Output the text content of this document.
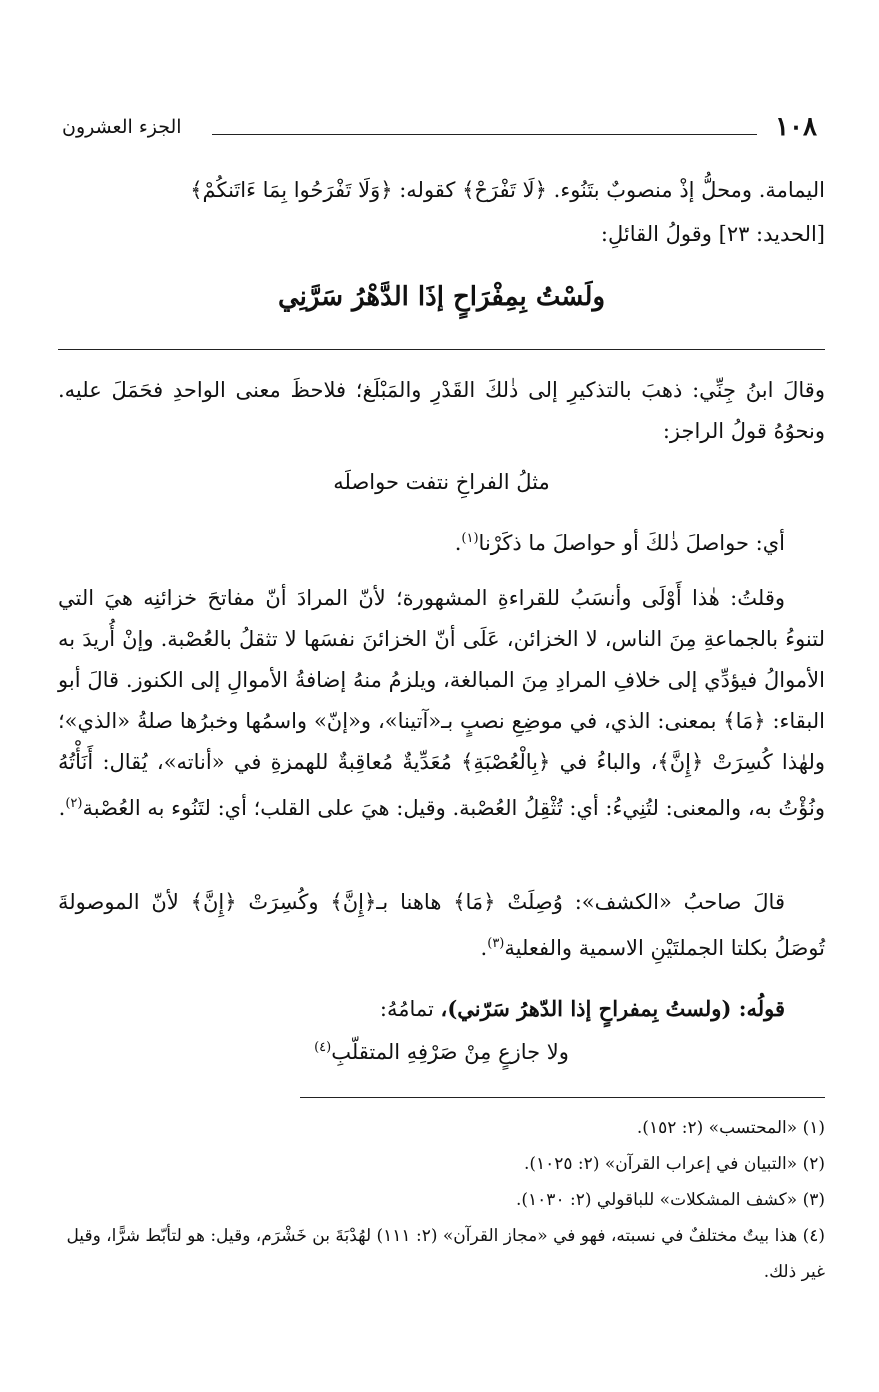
١٠٨
الجزء العشرون

اليمامة. ومحلُّ إذْ منصوبٌ بتَنُوء. ﴿لَا تَفْرَحْ﴾ كقوله: ﴿وَلَا تَفْرَحُوا بِمَا ءَاتَنكُمْ﴾

[الحديد: ٢٣] وقولُ القائلِ:

ولَسْتُ بِمِفْرَاحٍ إذَا الدَّهْرُ سَرَّنِي

وقالَ ابنُ جِنِّي: ذهبَ بالتذكيرِ إلى ذٰلكَ القَدْرِ والمَبْلَغ؛ فلاحظَ معنى الواحدِ فحَمَلَ عليه. ونحوُهُ قولُ الراجز:

مثلُ الفراخِ نتفت حواصلَه

أي: حواصلَ ذٰلكَ أو حواصلَ ما ذكَرْنا$^{(١)}$.

وقلتُ: هٰذا أَوْلَى وأنسَبُ للقراءةِ المشهورة؛ لأنّ المرادَ أنّ مفاتحَ خزائنِه هيَ التي لتنوءُ بالجماعةِ مِنَ الناس، لا الخزائن، عَلَى أنّ الخزائنَ نفسَها لا تثقلُ بالعُصْبة. وإنْ أُريدَ به الأموالُ فيؤدِّي إلى خلافِ المرادِ مِنَ المبالغة، ويلزمُ منهُ إضافةُ الأموالِ إلى الكنوز. قالَ أبو البقاء: ﴿مَا﴾ بمعنى: الذي، في موضِعِ نصبٍ بـ«آتينا»، و«إنّ» واسمُها وخبرُها صلةُ «الذي»؛ ولهٰذا كُسِرَتْ ﴿إِنَّ﴾، والباءُ في ﴿بِالْعُصْبَةِ﴾ مُعَدِّيةٌ مُعاقِبةٌ للهمزةِ في «أناته»، يُقال: أَنَأْتُهُ ونُؤْتُ به، والمعنى: لتُنِيءُ: أي: تُثْقِلُ العُصْبة. وقيل: هيَ على القلب؛ أي: لتَنُوء به العُصْبة$^{(٢)}$.

قالَ صاحبُ «الكشف»: وُصِلَتْ ﴿مَا﴾ هاهنا بـ﴿إِنَّ﴾ وكُسِرَتْ ﴿إِنَّ﴾ لأنّ الموصولةَ تُوصَلُ بكلتا الجملتَيْنِ الاسمية والفعلية$^{(٣)}$.

قولُه: (ولستُ بِمفراحٍ إذا الدّهرُ سَرّني)، تمامُهُ:

ولا جازعٍ مِنْ صَرْفِهِ المتقلّبِ$^{(٤)}$

(١) «المحتسب» (٢: ١٥٢).

(٢) «التبيان في إعراب القرآن» (٢: ١٠٢٥).

(٣) «كشف المشكلات» للباقولي (٢: ١٠٣٠).

(٤) هذا بيتٌ مختلفٌ في نسبته، فهو في «مجاز القرآن» (٢: ١١١) لهُدْبَةَ بن خَشْرَم، وقيل: هو لتأبّط شرًّا، وقيل غير ذلك.
